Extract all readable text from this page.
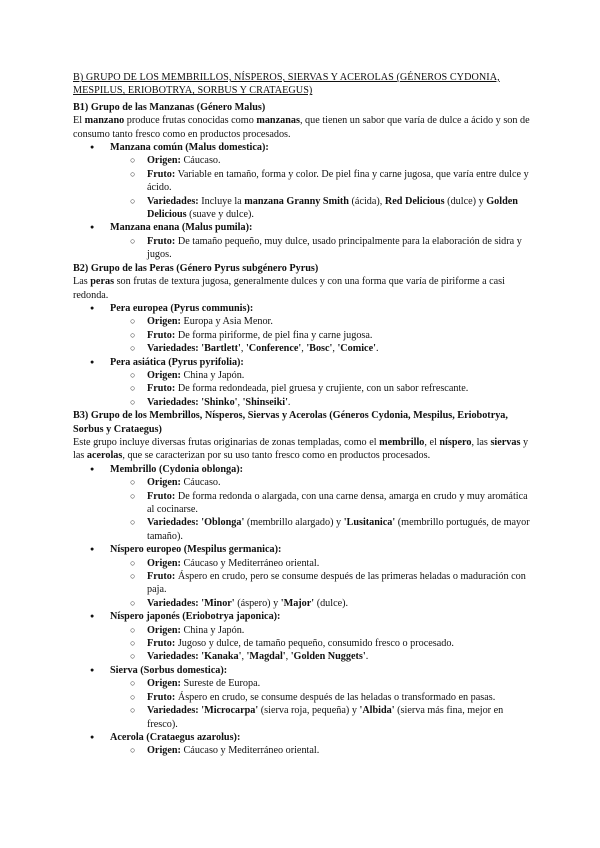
B) GRUPO DE LOS MEMBRILLOS, NÍSPEROS, SIERVAS Y ACEROLAS (GÉNEROS CYDONIA, MESPILUS, ERIOBOTRYA, SORBUS Y CRATAEGUS)

B1) Grupo de las Manzanas (Género Malus)

El manzano produce frutas conocidas como manzanas, que tienen un sabor que varía de dulce a ácido y son de consumo tanto fresco como en productos procesados.

● Manzana común (Malus domestica):
○ Origen: Cáucaso.
○ Fruto: Variable en tamaño, forma y color. De piel fina y carne jugosa, que varía entre dulce y ácido.
○ Variedades: Incluye la manzana Granny Smith (ácida), Red Delicious (dulce) y Golden Delicious (suave y dulce).
● Manzana enana (Malus pumila):
○ Fruto: De tamaño pequeño, muy dulce, usado principalmente para la elaboración de sidra y jugos.

B2) Grupo de las Peras (Género Pyrus subgénero Pyrus)

Las peras son frutas de textura jugosa, generalmente dulces y con una forma que varía de piriforme a casi redonda.

● Pera europea (Pyrus communis):
○ Origen: Europa y Asia Menor.
○ Fruto: De forma piriforme, de piel fina y carne jugosa.
○ Variedades: 'Bartlett', 'Conference', 'Bosc', 'Comice'.
● Pera asiática (Pyrus pyrifolia):
○ Origen: China y Japón.
○ Fruto: De forma redondeada, piel gruesa y crujiente, con un sabor refrescante.
○ Variedades: 'Shinko', 'Shinseiki'.

B3) Grupo de los Membrillos, Nísperos, Siervas y Acerolas (Géneros Cydonia, Mespilus, Eriobotrya, Sorbus y Crataegus)

Este grupo incluye diversas frutas originarias de zonas templadas, como el membrillo, el níspero, las siervas y las acerolas, que se caracterizan por su uso tanto fresco como en productos procesados.

● Membrillo (Cydonia oblonga):
○ Origen: Cáucaso.
○ Fruto: De forma redonda o alargada, con una carne densa, amarga en crudo y muy aromática al cocinarse.
○ Variedades: 'Oblonga' (membrillo alargado) y 'Lusitanica' (membrillo portugués, de mayor tamaño).
● Níspero europeo (Mespilus germanica):
○ Origen: Cáucaso y Mediterráneo oriental.
○ Fruto: Áspero en crudo, pero se consume después de las primeras heladas o maduración con paja.
○ Variedades: 'Minor' (áspero) y 'Major' (dulce).
● Níspero japonés (Eriobotrya japonica):
○ Origen: China y Japón.
○ Fruto: Jugoso y dulce, de tamaño pequeño, consumido fresco o procesado.
○ Variedades: 'Kanaka', 'Magdal', 'Golden Nuggets'.
● Sierva (Sorbus domestica):
○ Origen: Sureste de Europa.
○ Fruto: Áspero en crudo, se consume después de las heladas o transformado en pasas.
○ Variedades: 'Microcarpa' (sierva roja, pequeña) y 'Albida' (sierva más fina, mejor en fresco).
● Acerola (Crataegus azarolus):
○ Origen: Cáucaso y Mediterráneo oriental.
